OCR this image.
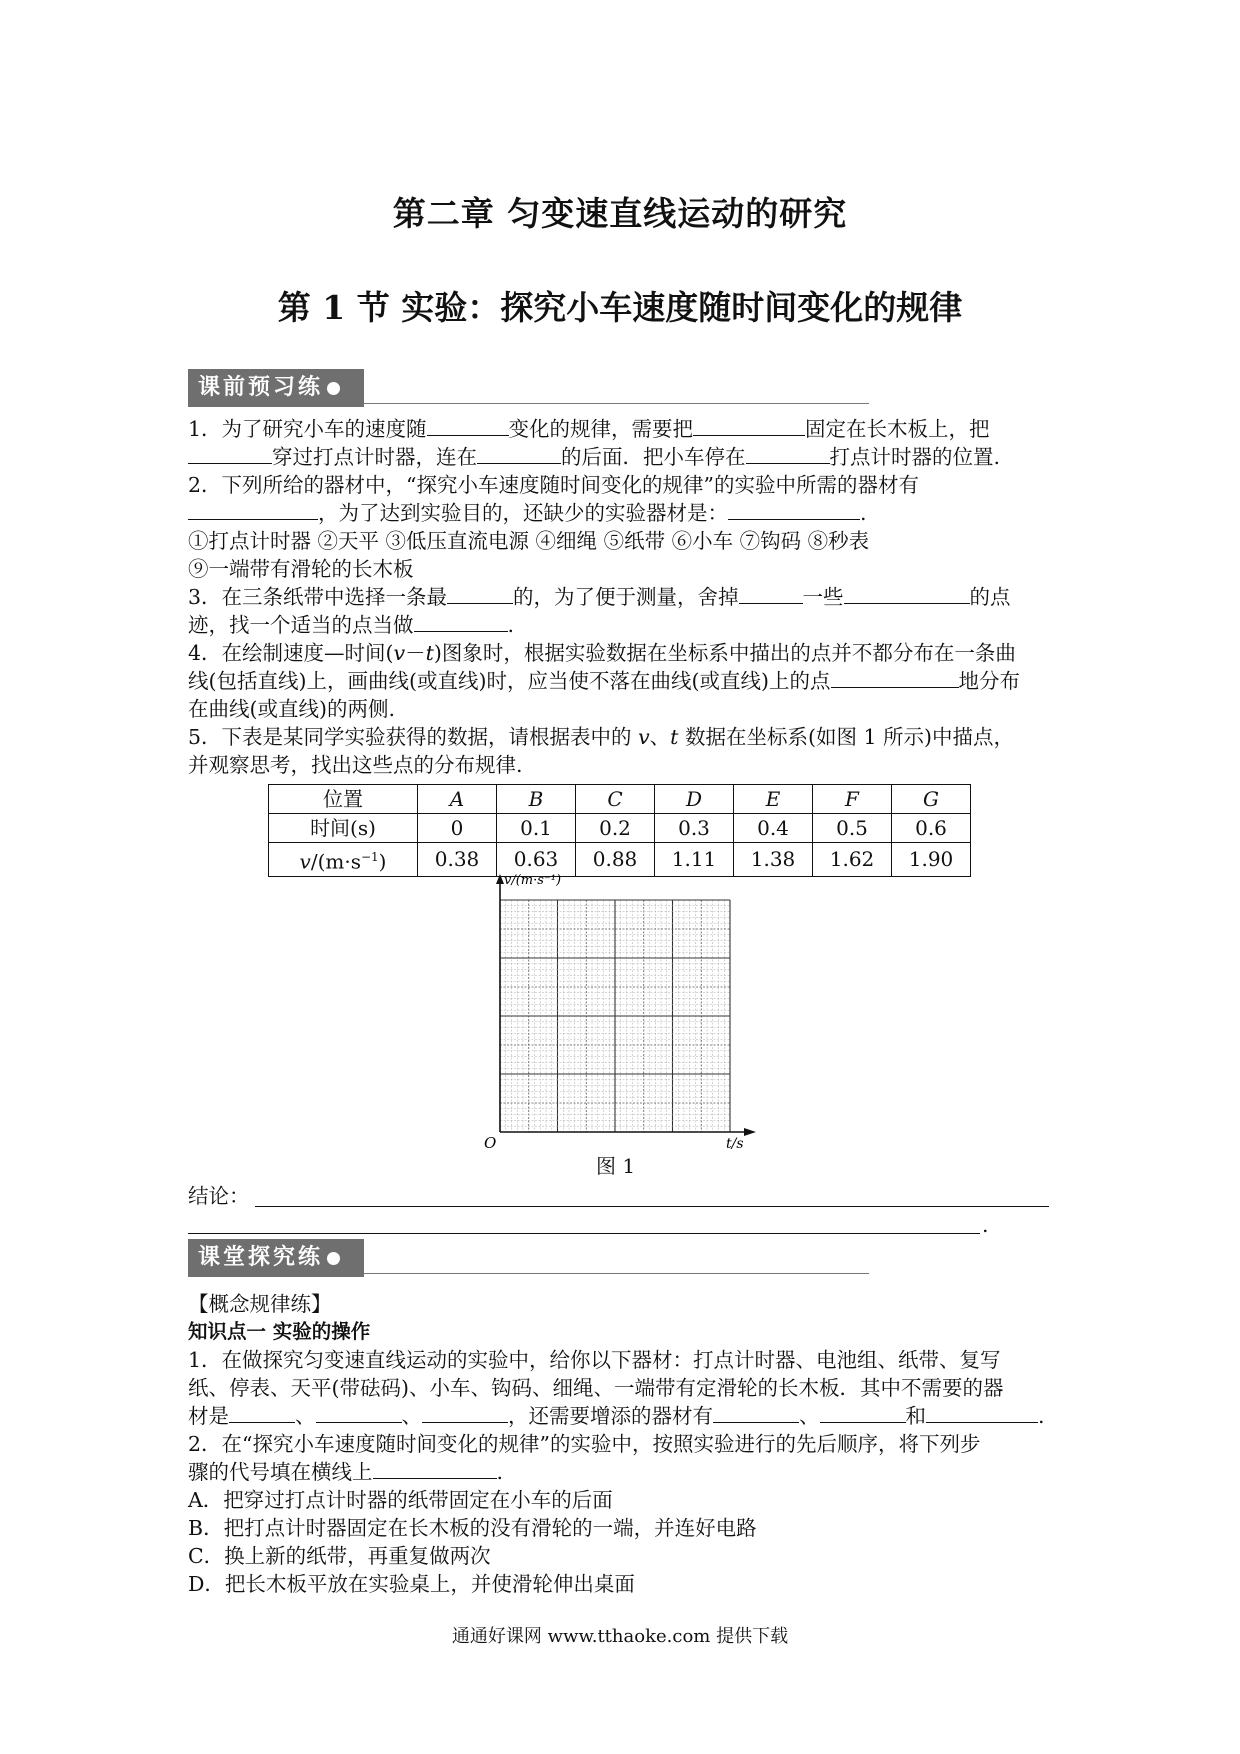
第二章 匀变速直线运动的研究
第 1 节 实验：探究小车速度随时间变化的规律
课前预习练
1．为了研究小车的速度随	变化的规律，需要把	固定在长木板上，把
穿过打点计时器，连在	的后面．把小车停在	打点计时器的位置.
2．下列所给的器材中，“探究小车速度随时间变化的规律”的实验中所需的器材有
，为了达到实验目的，还缺少的实验器材是：	.
①打点计时器 ②天平 ③低压直流电源 ④细绳 ⑤纸带 ⑥小车 ⑦钩码 ⑧秒表
⑨一端带有滑轮的长木板
3．在三条纸带中选择一条最	的，为了便于测量，舍掉	一些	的点
迹，找一个适当的点当做	.
4．在绘制速度—时间(v－t)图象时，根据实验数据在坐标系中描出的点并不都分布在一条曲
线(包括直线)上，画曲线(或直线)时，应当使不落在曲线(或直线)上的点	地分布
在曲线(或直线)的两侧.
5．下表是某同学实验获得的数据，请根据表中的 v、t 数据在坐标系(如图 1 所示)中描点，
并观察思考，找出这些点的分布规律.
位置	A	B	C	D	E	F	G
时间(s)	0	0.1	0.2	0.3	0.4	0.5	0.6
$v/(m\cdot s^{-1})$	0.38	0.63	0.88	1.11	1.38	1.62	1.90
v/(m·s⁻¹)
O	t/s
图 1
结论：
.
课堂探究练
【概念规律练】
知识点一 实验的操作
1．在做探究匀变速直线运动的实验中，给你以下器材：打点计时器、电池组、纸带、复写
纸、停表、天平(带砝码)、小车、钩码、细绳、一端带有定滑轮的长木板．其中不需要的器
材是	、	、	，还需要增添的器材有	、	和	.
2．在“探究小车速度随时间变化的规律”的实验中，按照实验进行的先后顺序，将下列步
骤的代号填在横线上	.
A．把穿过打点计时器的纸带固定在小车的后面
B．把打点计时器固定在长木板的没有滑轮的一端，并连好电路
C．换上新的纸带，再重复做两次
D．把长木板平放在实验桌上，并使滑轮伸出桌面
通通好课网 www.tthaoke.com 提供下载
